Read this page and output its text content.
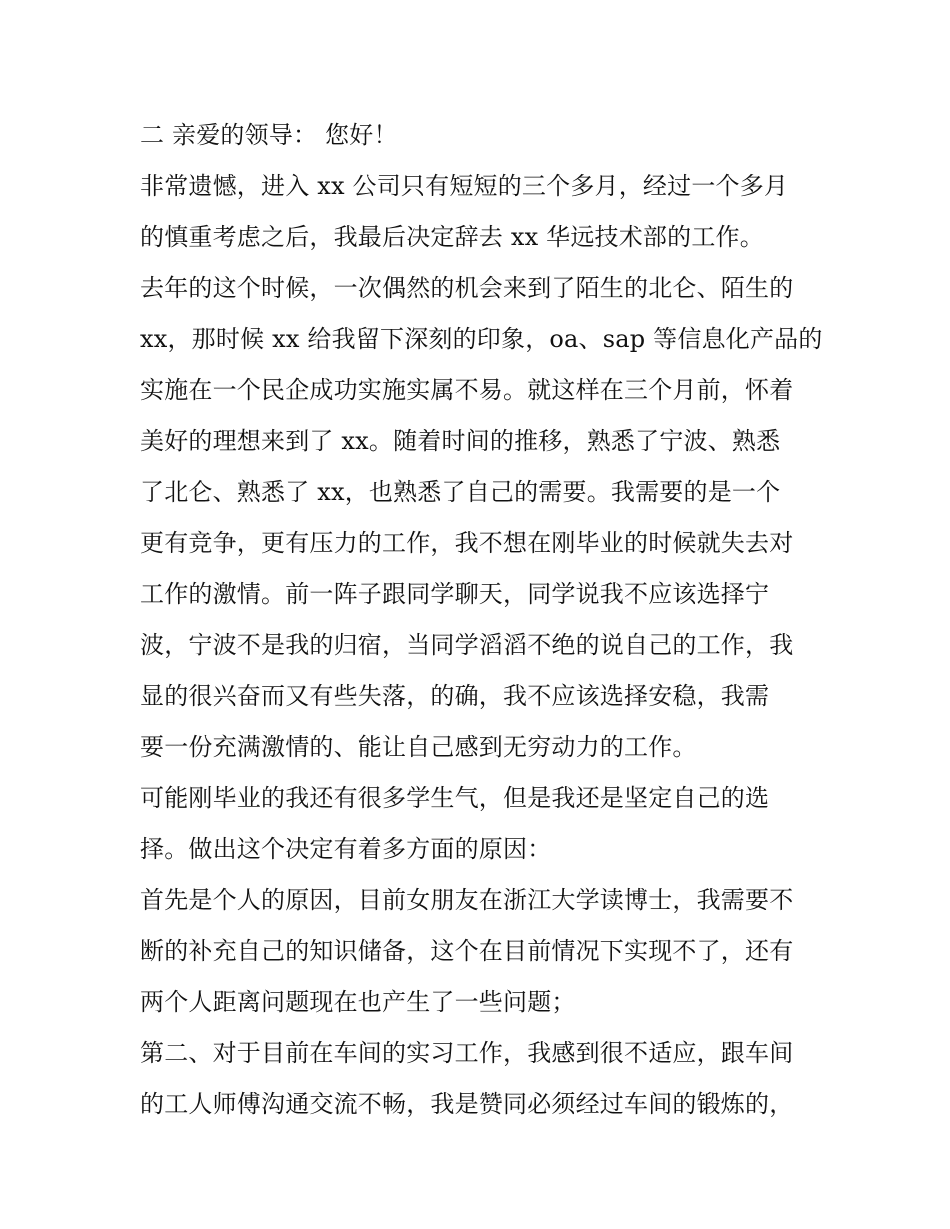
二 亲爱的领导： 您好！
非常遗憾，进入 xx 公司只有短短的三个多月，经过一个多月
的慎重考虑之后，我最后决定辞去 xx 华远技术部的工作。
去年的这个时候，一次偶然的机会来到了陌生的北仑、陌生的
xx，那时候 xx 给我留下深刻的印象，oa、sap 等信息化产品的
实施在一个民企成功实施实属不易。就这样在三个月前，怀着
美好的理想来到了 xx。随着时间的推移，熟悉了宁波、熟悉
了北仑、熟悉了 xx，也熟悉了自己的需要。我需要的是一个
更有竞争，更有压力的工作，我不想在刚毕业的时候就失去对
工作的激情。前一阵子跟同学聊天，同学说我不应该选择宁
波，宁波不是我的归宿，当同学滔滔不绝的说自己的工作，我
显的很兴奋而又有些失落，的确，我不应该选择安稳，我需
要一份充满激情的、能让自己感到无穷动力的工作。
可能刚毕业的我还有很多学生气，但是我还是坚定自己的选
择。做出这个决定有着多方面的原因：
首先是个人的原因，目前女朋友在浙江大学读博士，我需要不
断的补充自己的知识储备，这个在目前情况下实现不了，还有
两个人距离问题现在也产生了一些问题；
第二、对于目前在车间的实习工作，我感到很不适应，跟车间
的工人师傅沟通交流不畅，我是赞同必须经过车间的锻炼的，
